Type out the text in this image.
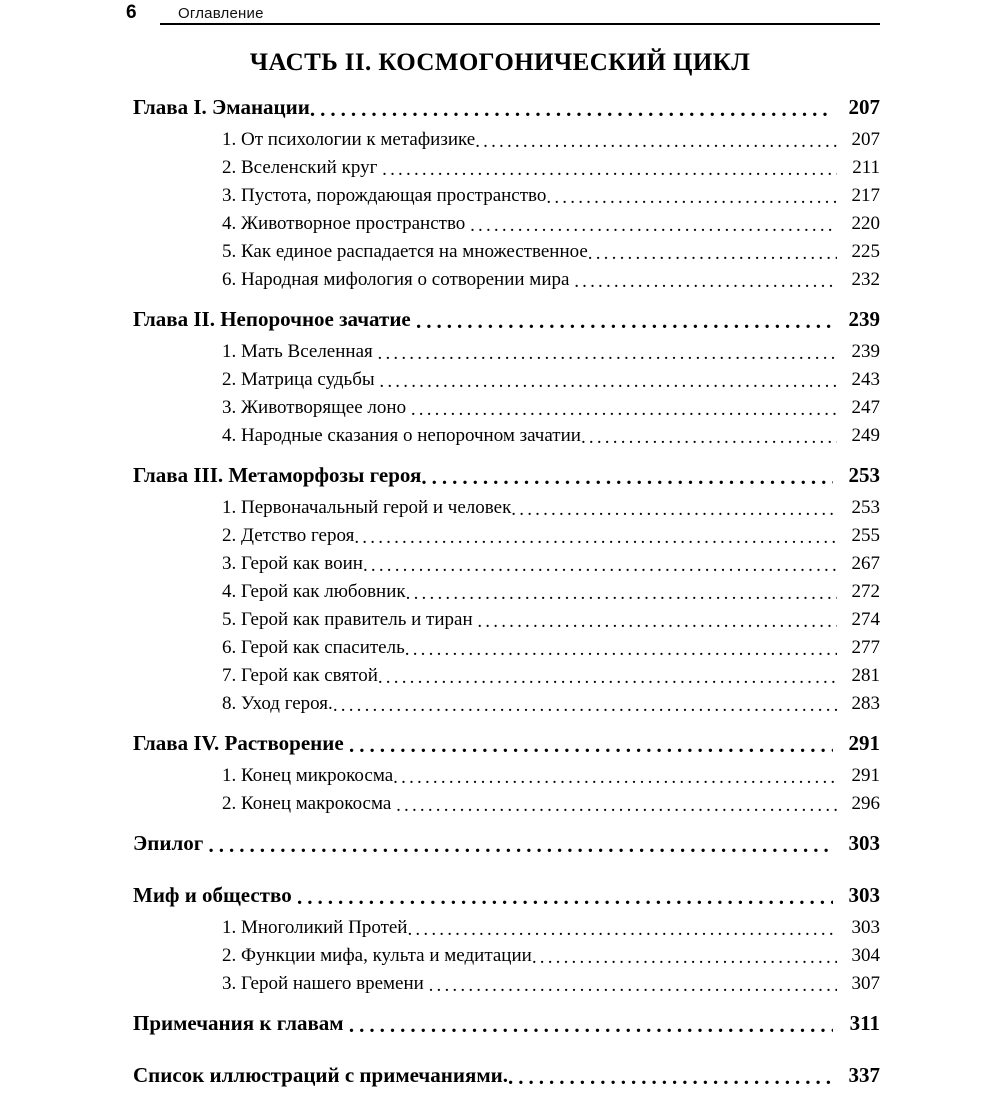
6	Оглавление
ЧАСТЬ II. КОСМОГОНИЧЕСКИЙ ЦИКЛ
Глава I. Эманации .....	207
1. От психологии к метафизике .....	207
2. Вселенский круг .....	211
3. Пустота, порождающая пространство .....	217
4. Животворное пространство .....	220
5. Как единое распадается на множественное .....	225
6. Народная мифология о сотворении мира .....	232
Глава II. Непорочное зачатие .....	239
1. Мать Вселенная .....	239
2. Матрица судьбы .....	243
3. Животворящее лоно .....	247
4. Народные сказания о непорочном зачатии .....	249
Глава III. Метаморфозы героя .....	253
1. Первоначальный герой и человек .....	253
2. Детство героя .....	255
3. Герой как воин .....	267
4. Герой как любовник .....	272
5. Герой как правитель и тиран .....	274
6. Герой как спаситель .....	277
7. Герой как святой .....	281
8. Уход героя. .....	283
Глава IV. Растворение .....	291
1. Конец микрокосма .....	291
2. Конец макрокосма .....	296
Эпилог .....	303
Миф и общество .....	303
1. Многоликий Протей .....	303
2. Функции мифа, культа и медитации .....	304
3. Герой нашего времени .....	307
Примечания к главам .....	311
Список иллюстраций с примечаниями. .....	337
